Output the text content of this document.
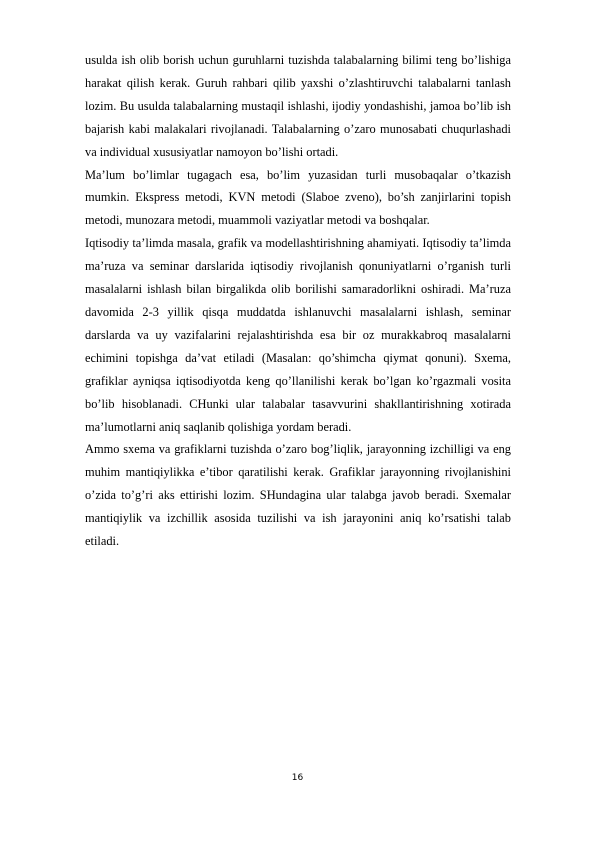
usulda ish olib borish uchun guruhlarni tuzishda talabalarning bilimi teng bo’lishiga harakat qilish kerak. Guruh rahbari qilib yaxshi o’zlashtiruvchi talabalarni tanlash lozim. Bu usulda talabalarning mustaqil ishlashi, ijodiy yondashishi, jamoa bo’lib ish bajarish kabi malakalari rivojlanadi. Talabalarning o’zaro munosabati chuqurlashadi va individual xususiyatlar namoyon bo’lishi ortadi.

Ma’lum bo’limlar tugagach esa, bo’lim yuzasidan turli musobaqalar o’tkazish mumkin. Ekspress metodi, KVN metodi (Slaboe zveno), bo’sh zanjirlarini topish metodi, munozara metodi, muammoli vaziyatlar metodi va boshqalar.

Iqtisodiy ta’limda masala, grafik va modellashtirishning ahamiyati. Iqtisodiy ta’limda ma’ruza va seminar darslarida iqtisodiy rivojlanish qonuniyatlarni o’rganish turli masalalarni ishlash bilan birgalikda olib borilishi samaradorlikni oshiradi. Ma’ruza davomida 2-3 yillik qisqa muddatda ishlanuvchi masalalarni ishlash, seminar darslarda va uy vazifalarini rejalashtirishda esa bir oz murakkabroq masalalarni echimini topishga da’vat etiladi (Masalan: qo’shimcha qiymat qonuni). Sxema, grafiklar ayniqsa iqtisodiyotda keng qo’llanilishi kerak bo’lgan ko’rgazmali vosita bo’lib hisoblanadi. CHunki ular talabalar tasavvurini shakllantirishning xotirada ma’lumotlarni aniq saqlanib qolishiga yordam beradi.

Ammo sxema va grafiklarni tuzishda o’zaro bog’liqlik, jarayonning izchilligi va eng muhim mantiqiylikka e’tibor qaratilishi kerak. Grafiklar jarayonning rivojlanishini o’zida to’g’ri aks ettirishi lozim. SHundagina ular talabga javob beradi. Sxemalar mantiqiylik va izchillik asosida tuzilishi va ish jarayonini aniq ko’rsatishi talab etiladi.

16
